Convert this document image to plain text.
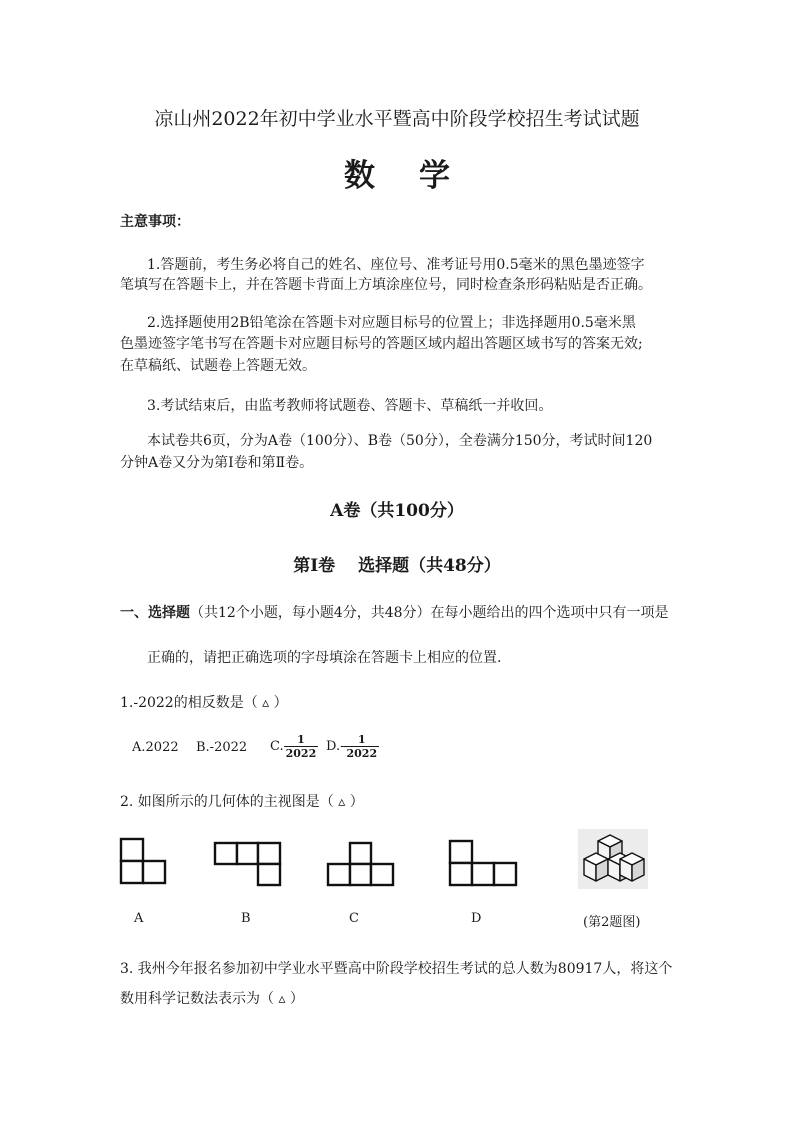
凉山州2022年初中学业水平暨高中阶段学校招生考试试题
数学
主意事项：
1.答题前，考生务必将自己的姓名、座位号、准考证号用0.5毫米的黑色墨迹签字
笔填写在答题卡上，并在答题卡背面上方填涂座位号，同时检查条形码粘贴是否正确。
2.选择题使用2B铅笔涂在答题卡对应题目标号的位置上；非选择题用0.5毫米黑
色墨迹签字笔书写在答题卡对应题目标号的答题区域内超出答题区域书写的答案无效;
在草稿纸、试题卷上答题无效。
3.考试结束后，由监考教师将试题卷、答题卡、草稿纸一并收回。
本试卷共6页，分为A卷（100分）、B卷（50分），全卷满分150分，考试时间120
分钟A卷又分为第Ⅰ卷和第Ⅱ卷。
A卷（共100分）
第Ⅰ卷　 选择题（共48分）
一、选择题（共12个小题，每小题4分，共48分）在每小题给出的四个选项中只有一项是
正确的，请把正确选项的字母填涂在答题卡上相应的位置.
1.-2022的相反数是（ ▵ ）
A.2022 B.-2022 C. $\frac{1}{2022} D.- \frac{1}{2022}$
2. 如图所示的几何体的主视图是（ ▵ ）
A	B	C	D	(第2题图)
3. 我州今年报名参加初中学业水平暨高中阶段学校招生考试的总人数为80917人，将这个
数用科学记数法表示为（ ▵ ）
